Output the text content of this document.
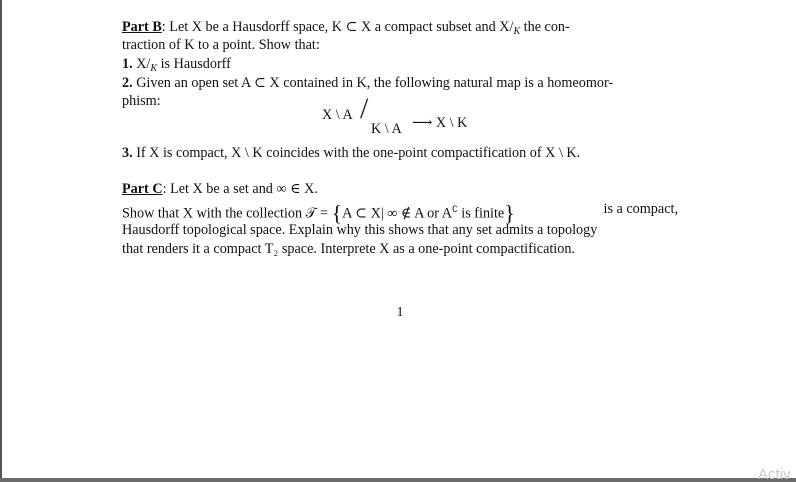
Part B: Let X be a Hausdorff space, K ⊂ X a compact subset and $X/_K$ the con-
traction of K to a point. Show that:
1. $X/_K$ is Hausdorff
2. Given an open set A ⊂ X contained in K, the following natural map is a homeomor-
phism:
X \ A /
K \ A ⟶ X \ K
3. If X is compact, X \ K coincides with the one-point compactification of X \ K.
Part C: Let X be a set and ∞ ∈ X.
Show that X with the collection 𝒯 = {A ⊂ X| ∞ ∉ A or A∁ is finite}	is a compact,
Hausdorff topological space. Explain why this shows that any set admits a topology
that renders it a compact T₂ space. Interprete X as a one-point compactification.
1
Activ
